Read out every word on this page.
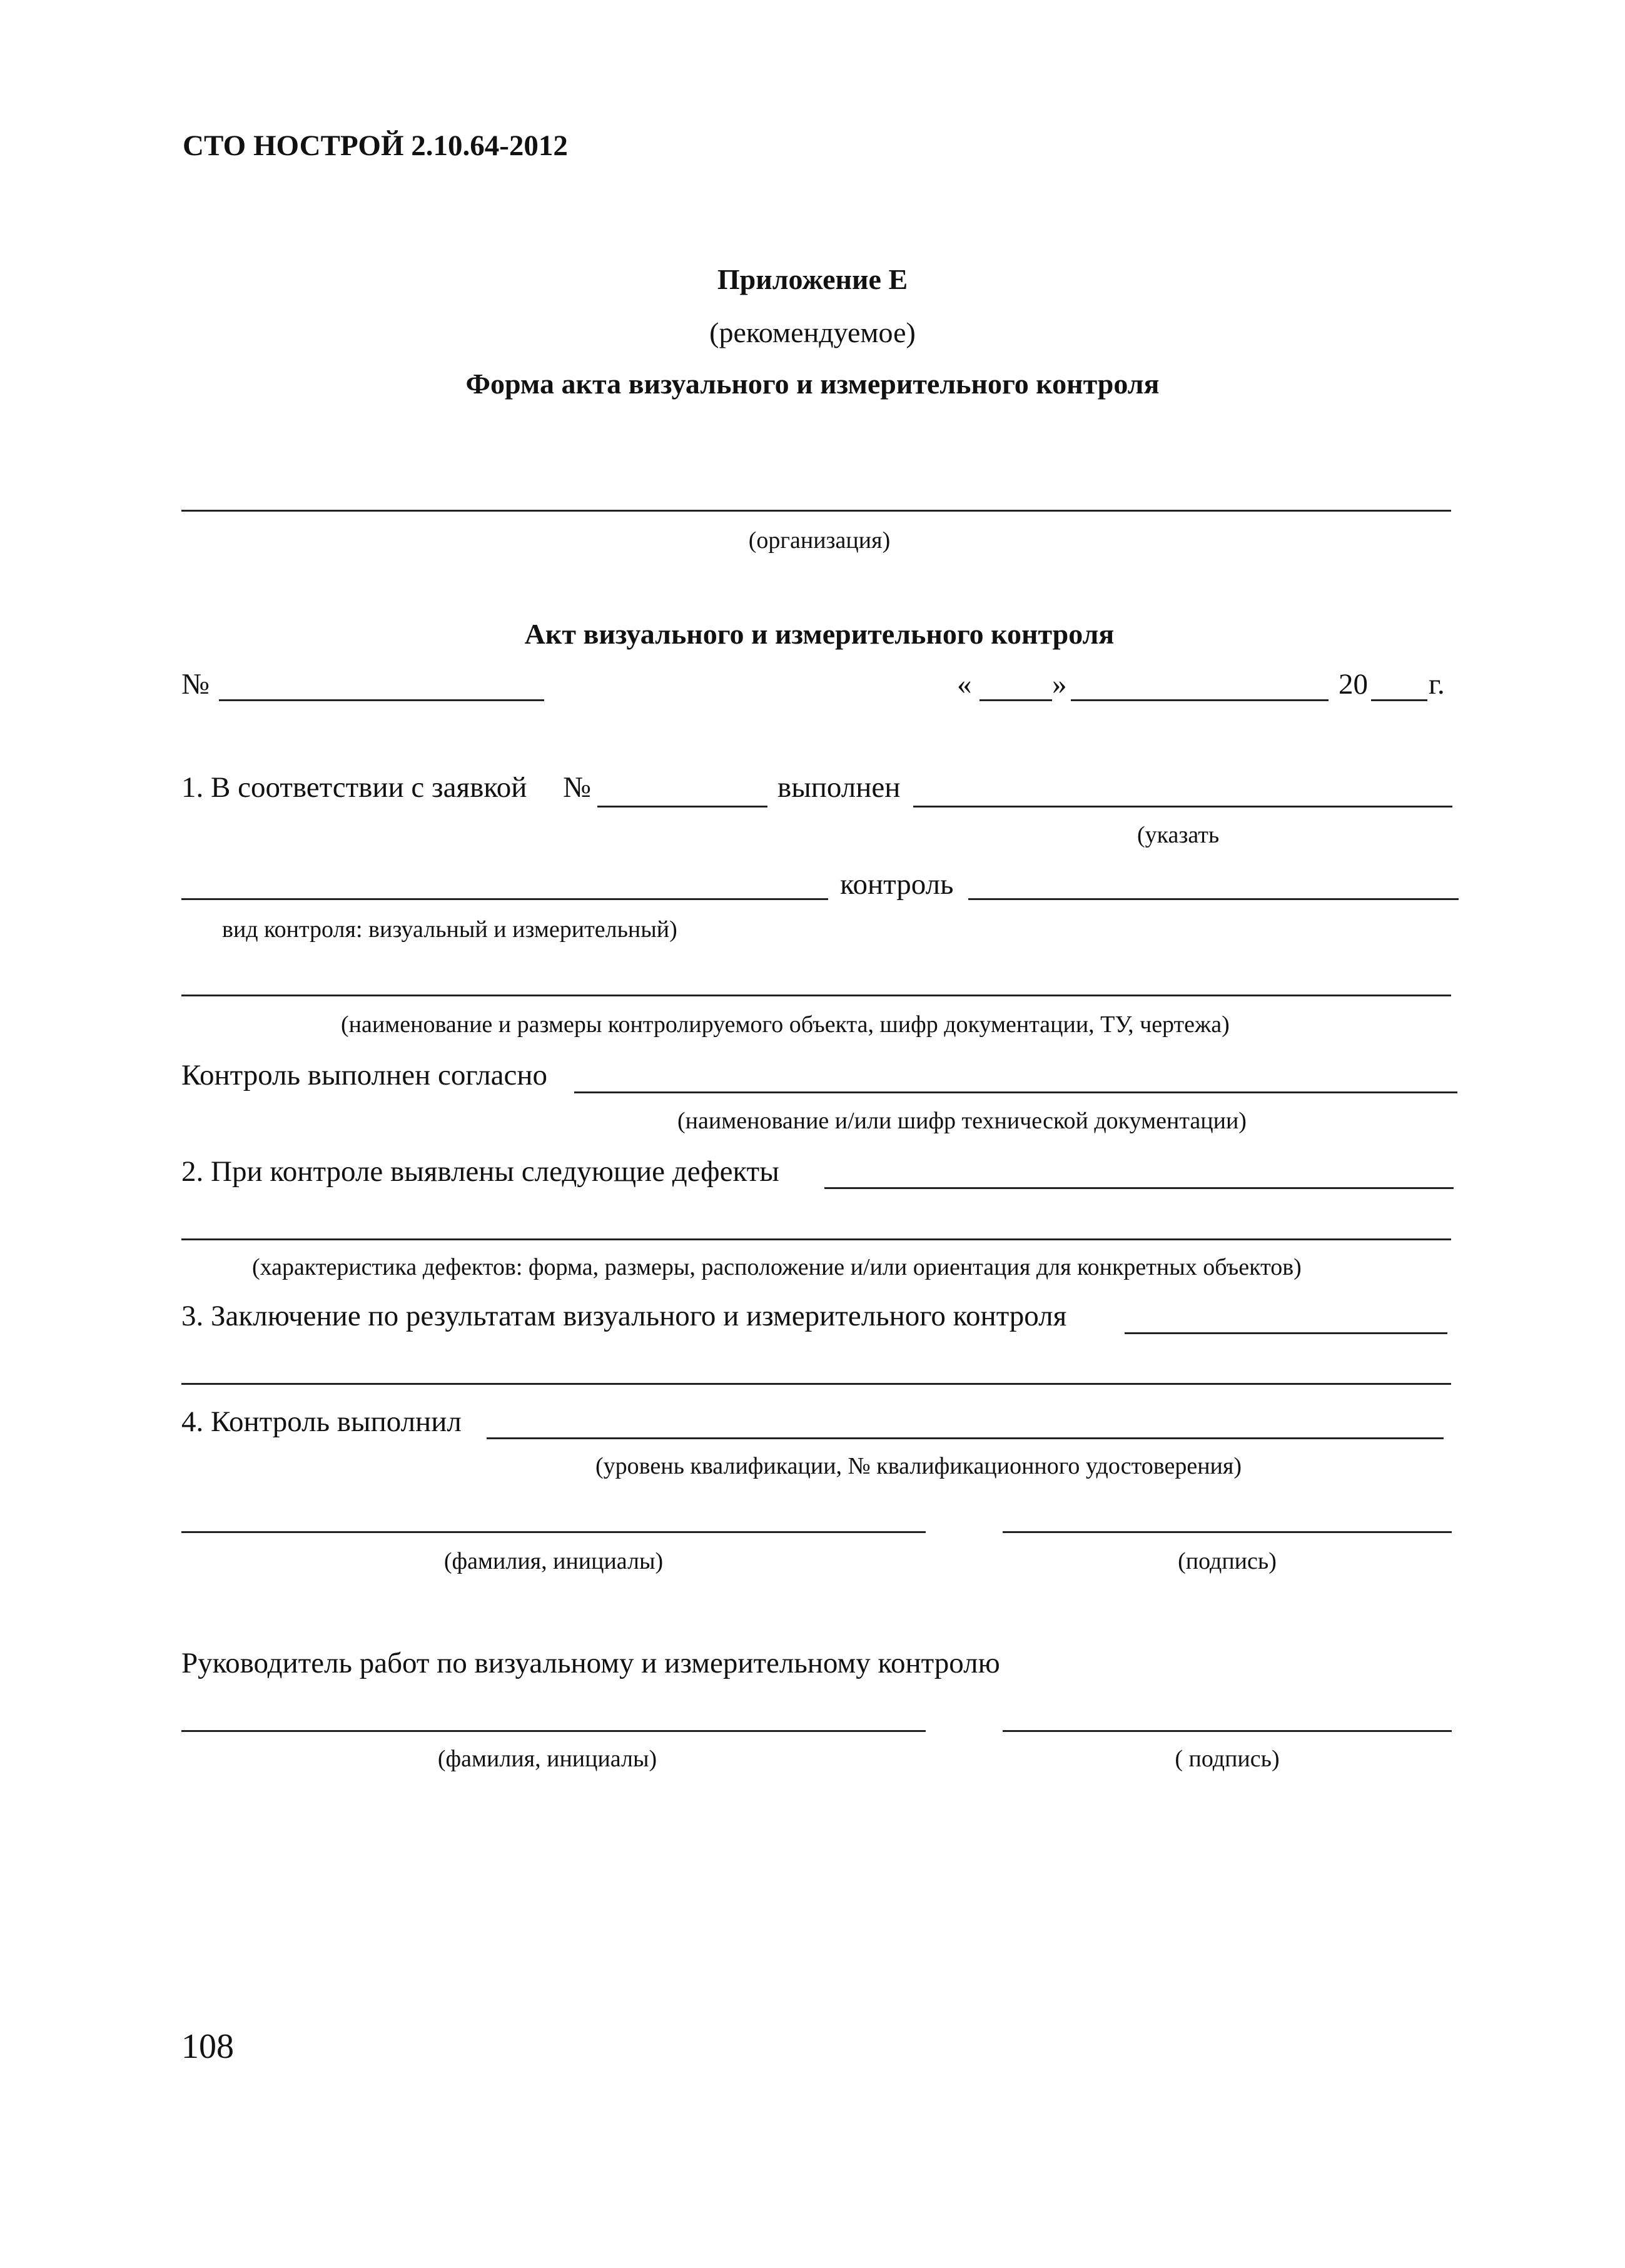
СТО НОСТРОЙ 2.10.64-2012
Приложение Е
(рекомендуемое)
Форма акта визуального и измерительного контроля
(организация)
Акт визуального и измерительного контроля
№	«	»	20 г.
1. В соответствии с заявкой №	выполнен
(указать
контроль
вид контроля: визуальный и измерительный)
(наименование и размеры контролируемого объекта, шифр документации, ТУ, чертежа)
Контроль выполнен согласно
(наименование и/или шифр технической документации)
2. При контроле выявлены следующие дефекты
(характеристика дефектов: форма, размеры, расположение и/или ориентация для конкретных объектов)
3. Заключение по результатам визуального и измерительного контроля
4. Контроль выполнил
(уровень квалификации, № квалификационного удостоверения)
(фамилия, инициалы)	(подпись)
Руководитель работ по визуальному и измерительному контролю
(фамилия, инициалы)	( подпись)
108
